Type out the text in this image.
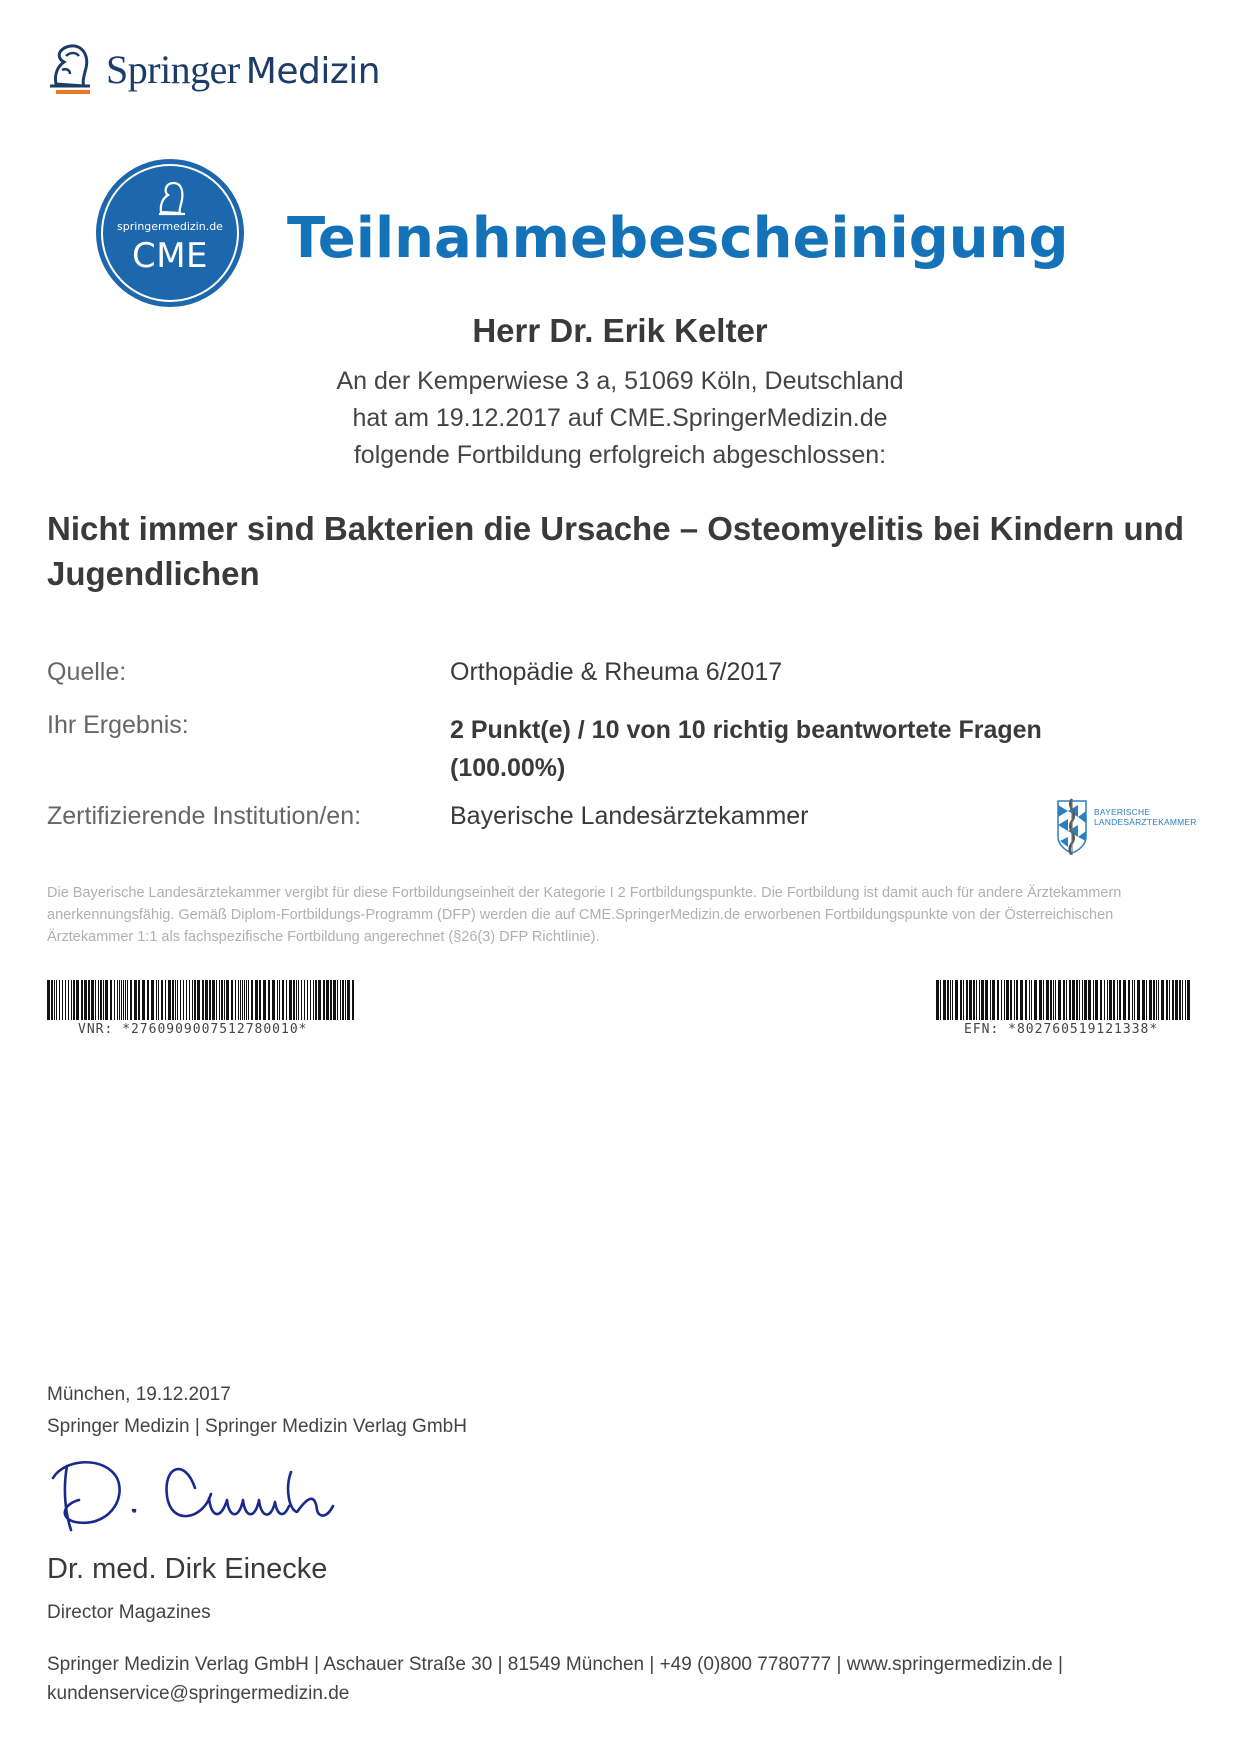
Springer Medizin
springermedizin.de
CME	Teilnahmebescheinigung
Herr Dr. Erik Kelter
An der Kemperwiese 3 a, 51069 Köln, Deutschland
hat am 19.12.2017 auf CME.SpringerMedizin.de
folgende Fortbildung erfolgreich abgeschlossen:
Nicht immer sind Bakterien die Ursache – Osteomyelitis bei Kindern und Jugendlichen
Quelle:	Orthopädie & Rheuma 6/2017
Ihr Ergebnis:	2 Punkt(e) / 10 von 10 richtig beantwortete Fragen (100.00%)
Zertifizierende Institution/en:	Bayerische Landesärztekammer	BAYERISCHE
LANDESÄRZTEKAMMER
Die Bayerische Landesärztekammer vergibt für diese Fortbildungseinheit der Kategorie I 2 Fortbildungspunkte. Die Fortbildung ist damit auch für andere Ärztekammern anerkennungsfähig. Gemäß Diplom-Fortbildungs-Programm (DFP) werden die auf CME.SpringerMedizin.de erworbenen Fortbildungspunkte von der Österreichischen Ärztekammer 1:1 als fachspezifische Fortbildung angerechnet (§26(3) DFP Richtlinie).
VNR: *2760909007512780010*	EFN: *802760519121338*
München, 19.12.2017
Springer Medizin | Springer Medizin Verlag GmbH
Dr. med. Dirk Einecke
Director Magazines
Springer Medizin Verlag GmbH | Aschauer Straße 30 | 81549 München | +49 (0)800 7780777 | www.springermedizin.de |
kundenservice@springermedizin.de
